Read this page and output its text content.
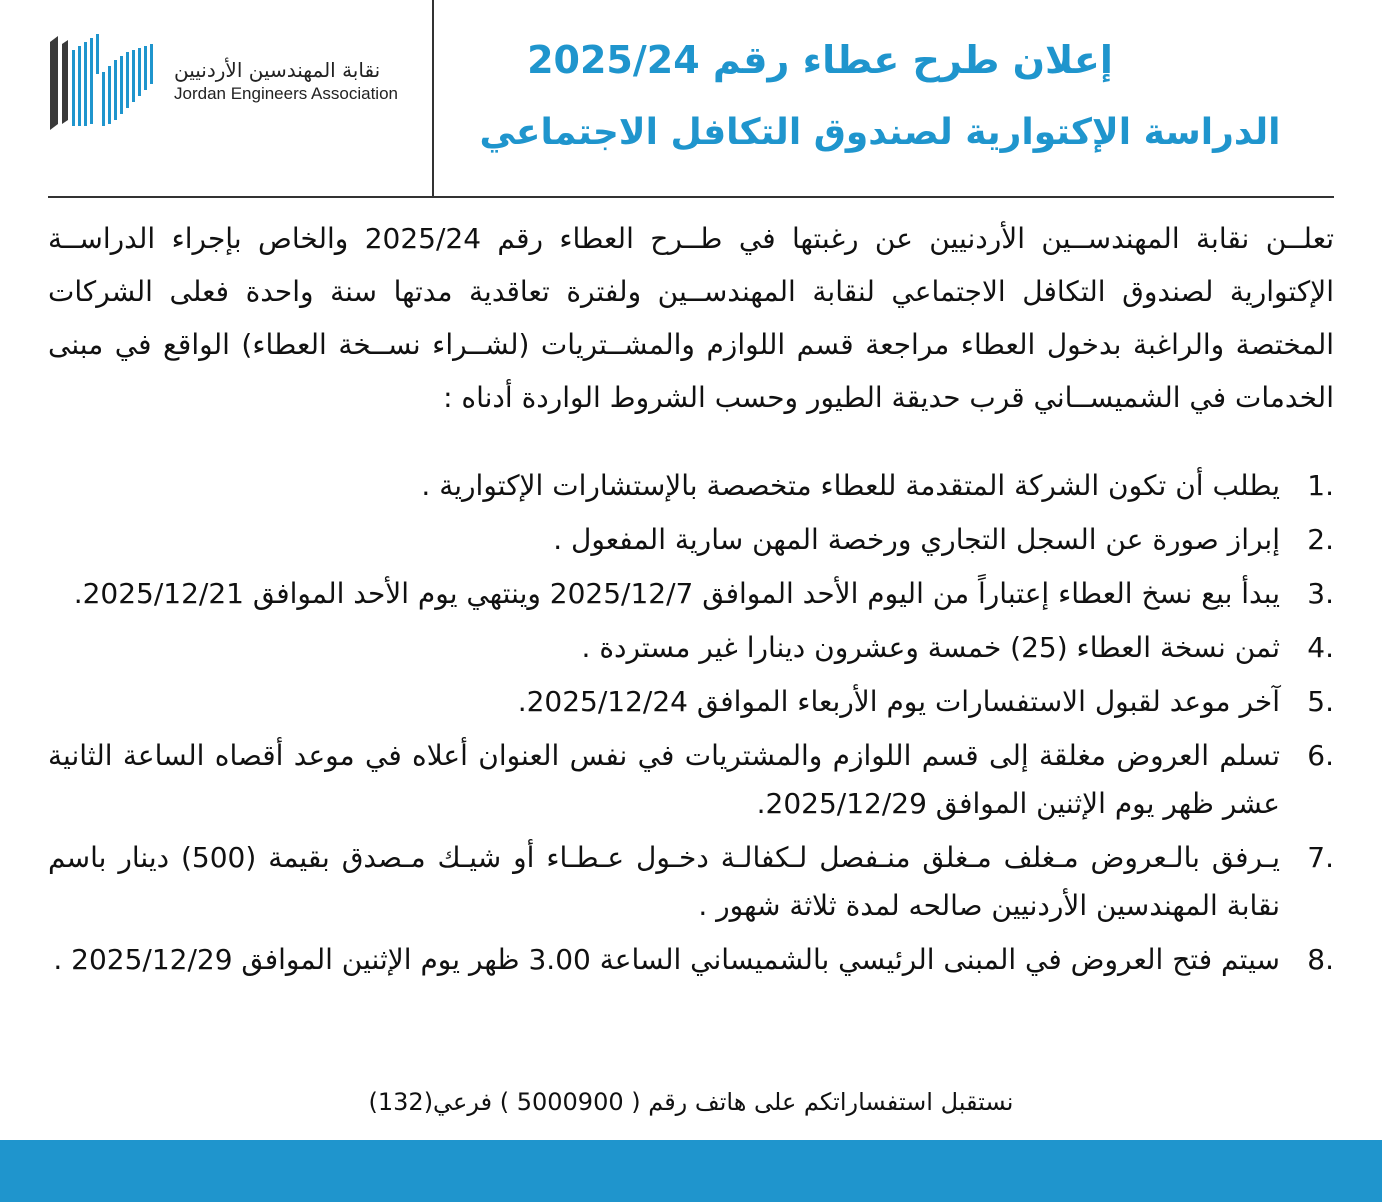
نقابة المهندسين الأردنيين
Jordan Engineers Association
إعلان طرح عطاء رقم 2025/24
الدراسة الإكتوارية لصندوق التكافل الاجتماعي
تعلــن نقابة المهندســين الأردنيين عن رغبتها في طــرح العطاء رقم 2025/24 والخاص بإجراء الدراســة الإكتوارية لصندوق التكافل الاجتماعي لنقابة المهندســين ولفترة تعاقدية مدتها سنة واحدة فعلى الشركات المختصة والراغبة بدخول العطاء مراجعة قسم اللوازم والمشــتريات (لشــراء نســخة العطاء) الواقع في مبنى الخدمات في الشميســاني قرب حديقة الطيور وحسب الشروط الواردة أدناه :
.1
يطلب أن تكون الشركة المتقدمة للعطاء متخصصة بالإستشارات الإكتوارية .
.2
إبراز صورة عن السجل التجاري ورخصة المهن سارية المفعول .
.3
يبدأ بيع نسخ العطاء إعتباراً من اليوم الأحد الموافق 2025/12/7 وينتهي يوم الأحد الموافق 2025/12/21.
.4
ثمن نسخة العطاء (25) خمسة وعشرون دينارا غير مستردة .
.5
آخر موعد لقبول الاستفسارات يوم الأربعاء الموافق 2025/12/24.
.6
تسلم العروض مغلقة إلى قسم اللوازم والمشتريات في نفس العنوان أعلاه في موعد أقصاه الساعة الثانية عشر ظهر يوم الإثنين الموافق 2025/12/29.
.7
يـرفق بالـعروض مـغلف مـغلق منـفصل لـكفالـة دخـول عـطـاء أو شيـك مـصدق بقيمة (500) دينار باسم نقابة المهندسين الأردنيين صالحه لمدة ثلاثة شهور .
.8
سيتم فتح العروض في المبنى الرئيسي بالشميساني الساعة 3.00 ظهر يوم الإثنين الموافق 2025/12/29 .
نستقبل استفساراتكم على هاتف رقم ( 5000900 ) فرعي(132)
